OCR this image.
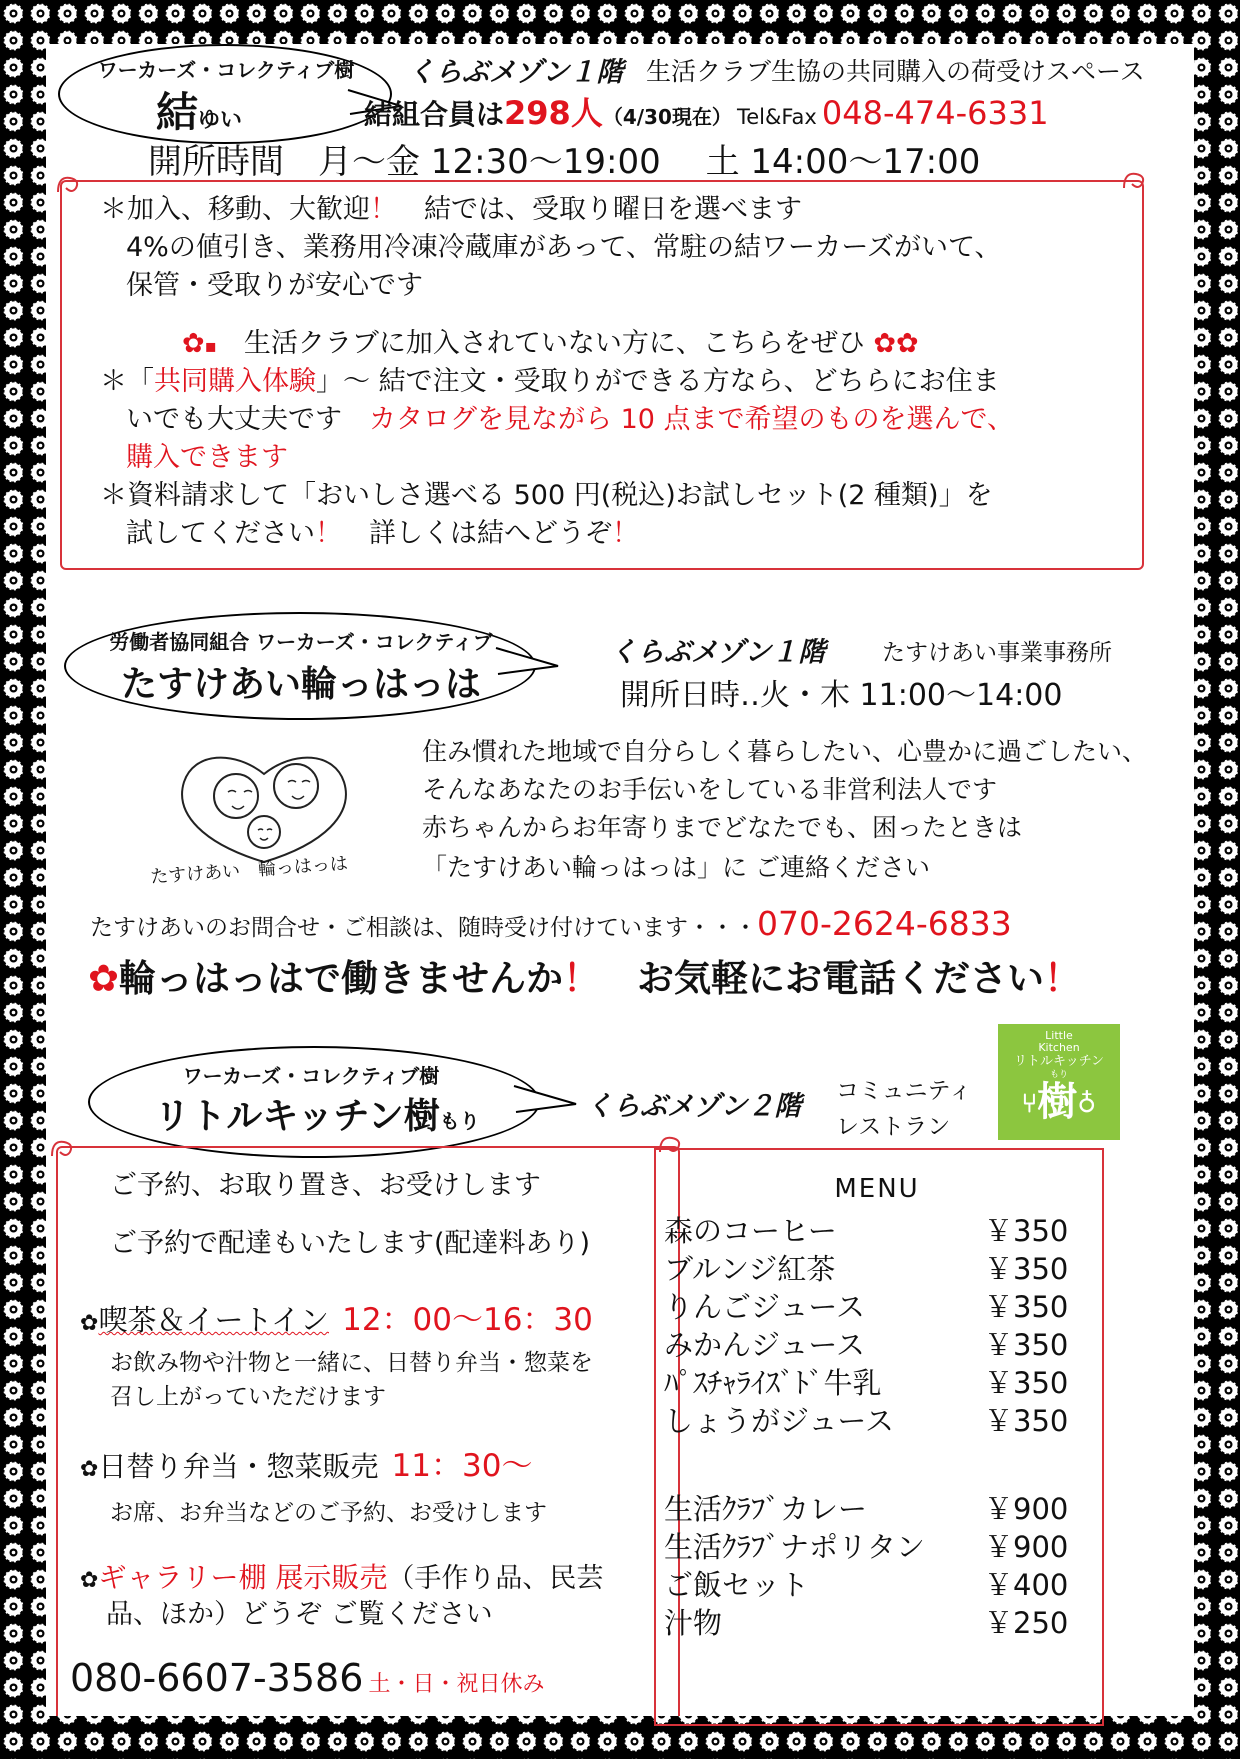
ワーカーズ・コレクティブ樹
結ゆい
くらぶメゾン１階 生活クラブ生協の共同購入の荷受けスペース
結組合員は298人（4/30現在） Tel&Fax 048-474-6331
開所時間　月～金 12:30～19:00　 土 14:00～17:00
＊加入、移動、大歓迎！　 結では、受取り曜日を選べます
4%の値引き、業務用冷凍冷蔵庫があって、常駐の結ワーカーズがいて、
保管・受取りが安心です
✿▪　 生活クラブに加入されていない方に、こちらをぜひ ✿✿
＊「共同購入体験」～ 結で注文・受取りができる方なら、どちらにお住ま
いでも大丈夫です　 カタログを見ながら 10 点まで希望のものを選んで、
購入できます
＊資料請求して「おいしさ選べる 500 円(税込)お試しセット(2 種類)」を
試してください！　 詳しくは結へどうぞ！
労働者協同組合 ワーカーズ・コレクティブ
たすけあい輪っはっは
くらぶメゾン１階 たすけあい事業事務所
開所日時‥火・木 11:00～14:00
たすけあい　輪っはっは
住み慣れた地域で自分らしく暮らしたい、心豊かに過ごしたい、
そんなあなたのお手伝いをしている非営利法人です
赤ちゃんからお年寄りまでどなたでも、困ったときは
「たすけあい輪っはっは」に ご連絡ください
たすけあいのお問合せ・ご相談は、随時受け付けています・・・070-2624-6833
✿輪っはっはで働きませんか！　 お気軽にお電話ください！
ワーカーズ・コレクティブ樹
リトルキッチン樹もり	くらぶメゾン２階 コミュニティ
レストラン
Little
Kitchen
リトルキッチン
もり
⑂樹♁
ご予約、お取り置き、お受けします
ご予約で配達もいたします(配達料あり)
✿喫茶＆イートイン 12：00～16：30
お飲み物や汁物と一緒に、日替り弁当・惣菜を
召し上がっていただけます
✿日替り弁当・惣菜販売 11：30～
お席、お弁当などのご予約、お受けします
✿ギャラリー棚 展示販売（手作り品、民芸
品、ほか）どうぞ ご覧ください
080-6607-3586 土・日・祝日休み
MENU
森のコーヒー	￥350
ブルンジ紅茶	￥350
りんごジュース	￥350
みかんジュース	￥350
ﾊﾟｽﾁｬﾗｲｽﾞﾄﾞ牛乳	￥350
しょうがジュース	￥350
生活ｸﾗﾌﾞカレー	￥900
生活ｸﾗﾌﾞナポリタン ￥900
ご飯セット	￥400
汁物	￥250
